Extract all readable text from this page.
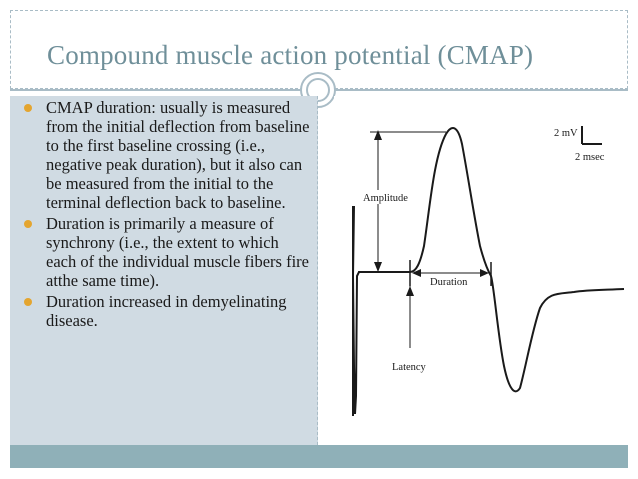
Compound muscle action potential (CMAP)
CMAP duration: usually is measured from the initial deflection from baseline to the first baseline crossing (i.e., negative peak duration), but it also can be measured from the initial to the terminal deflection back to baseline.
Duration is primarily a measure of synchrony (i.e., the extent to which each of the individual muscle fibers fire atthe same time).
Duration increased in demyelinating disease.
Amplitude
Duration
Latency
2 mV
2 msec
